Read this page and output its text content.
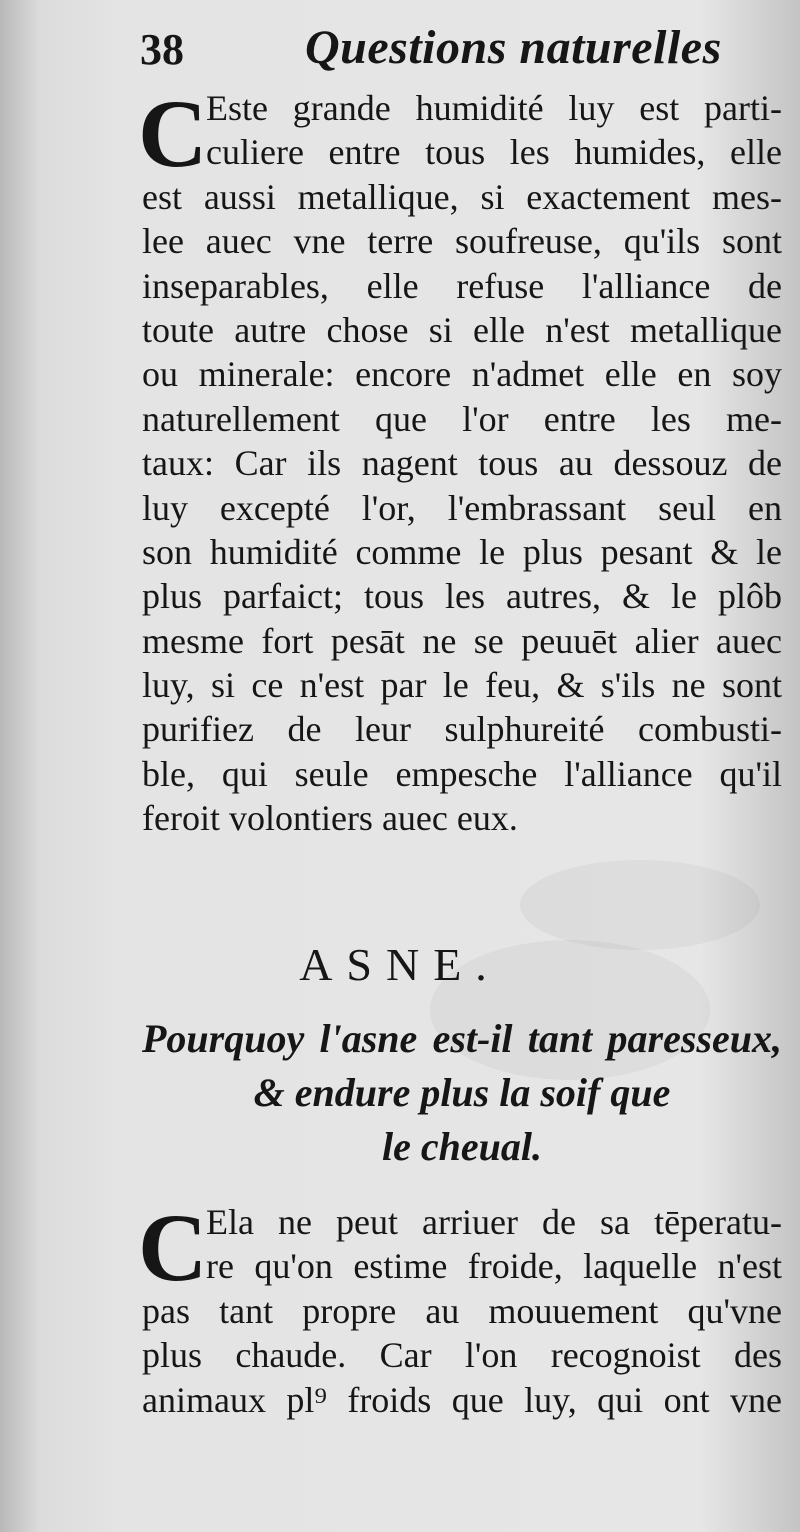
38	Questions naturelles
C
Este grande humidité luy est parti-
culiere entre tous les humides, elle
est aussi metallique, si exactement mes-
lee auec vne terre soufreuse, qu'ils sont
inseparables, elle refuse l'alliance de
toute autre chose si elle n'est metallique
ou minerale: encore n'admet elle en soy
naturellement que l'or entre les me-
taux: Car ils nagent tous au dessouz de
luy excepté l'or, l'embrassant seul en
son humidité comme le plus pesant & le
plus parfaict; tous les autres, & le plôb
mesme fort pesāt ne se peuuēt alier auec
luy, si ce n'est par le feu, & s'ils ne sont
purifiez de leur sulphureité combusti-
ble, qui seule empesche l'alliance qu'il
feroit volontiers auec eux.
ASNE.
Pourquoy l'asne est-il tant paresseux,
& endure plus la soif que
le cheual.
C
Ela ne peut arriuer de sa tēperatu-
re qu'on estime froide, laquelle n'est
pas tant propre au mouuement qu'vne
plus chaude. Car l'on recognoist des
animaux pl⁹ froids que luy, qui ont vne
